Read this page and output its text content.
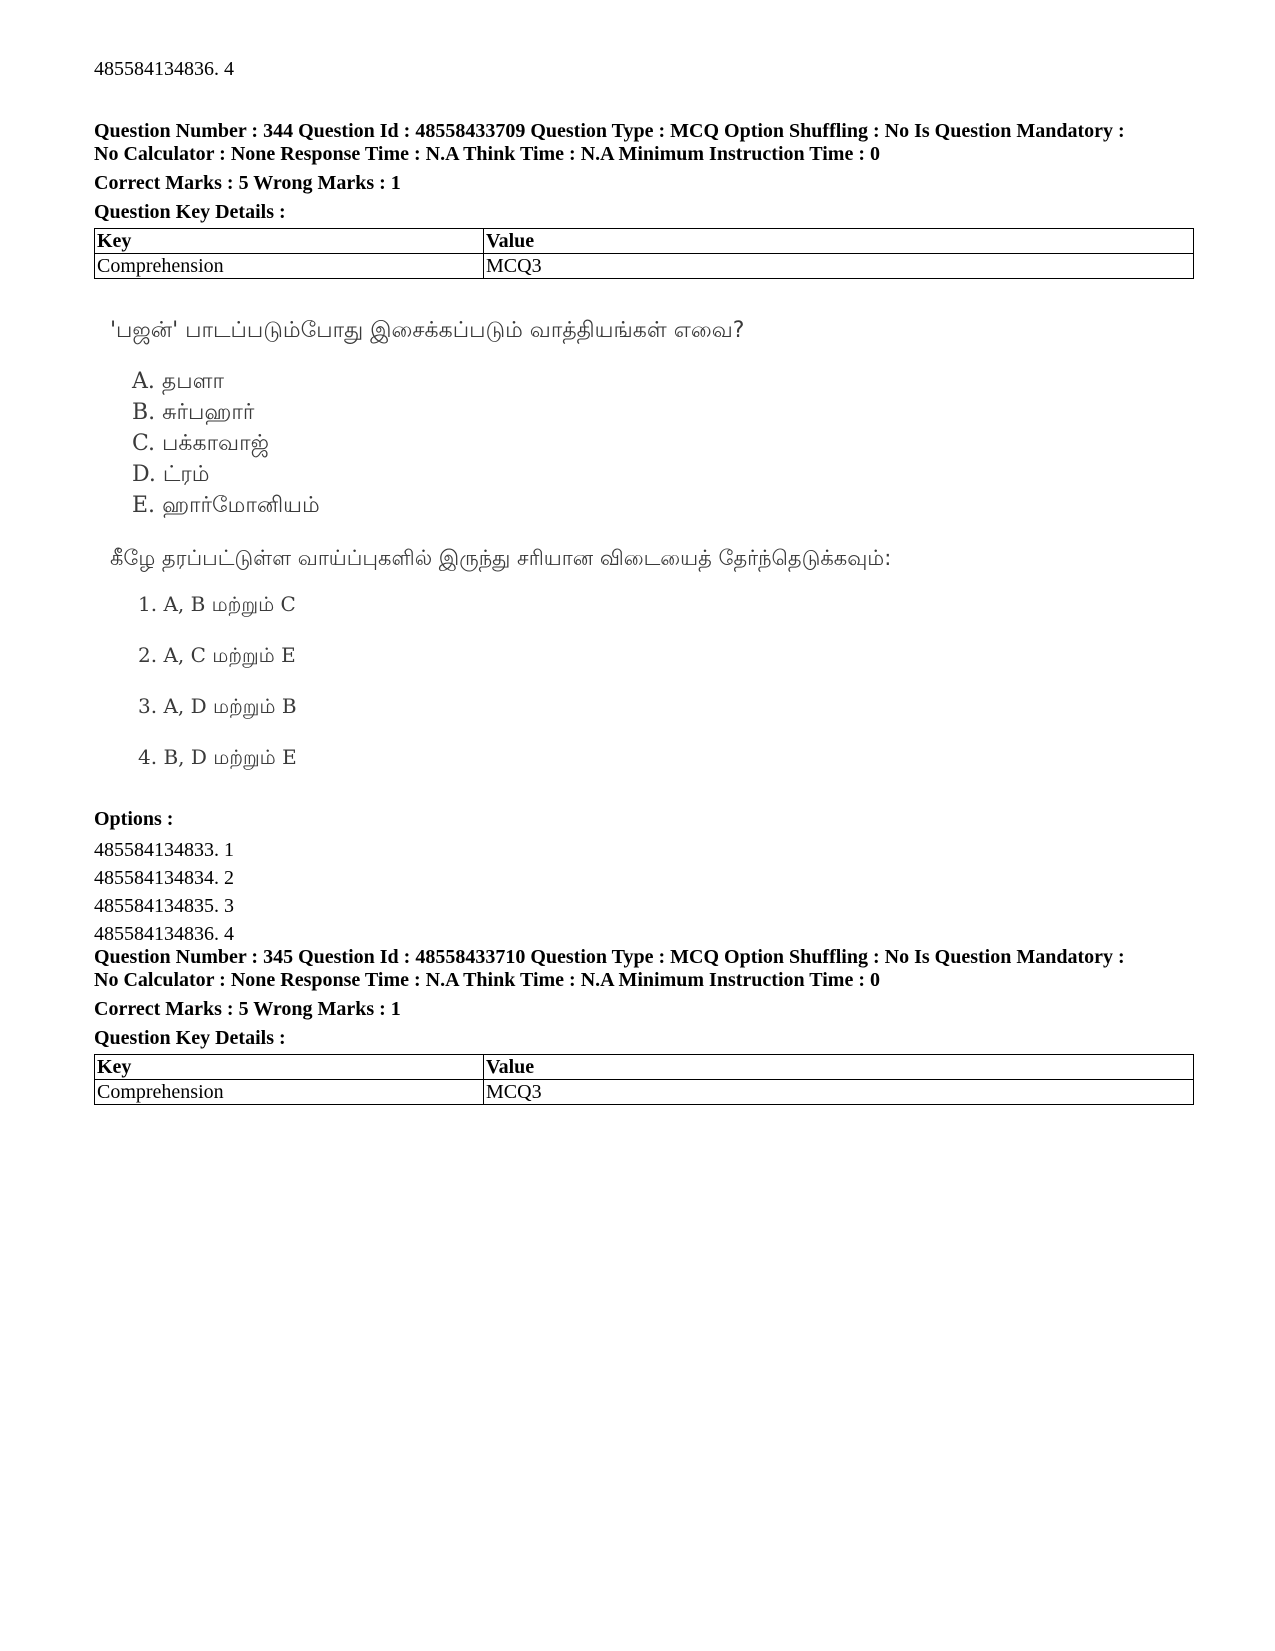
485584134836. 4
Question Number : 344 Question Id : 48558433709 Question Type : MCQ Option Shuffling : No Is Question Mandatory :
No Calculator : None Response Time : N.A Think Time : N.A Minimum Instruction Time : 0
Correct Marks : 5 Wrong Marks : 1
Question Key Details :
Key	Value
Comprehension	MCQ3
'பஜன்' பாடப்படும்போது இசைக்கப்படும் வாத்தியங்கள் எவை?
A. தபளா
B. சுர்பஹார்
C. பக்காவாஜ்
D. ட்ரம்
E. ஹார்மோனியம்
கீழே தரப்பட்டுள்ள வாய்ப்புகளில் இருந்து சரியான விடையைத் தேர்ந்தெடுக்கவும்:
1. A, B மற்றும் C
2. A, C மற்றும் E
3. A, D மற்றும் B
4. B, D மற்றும் E
Options :
485584134833. 1
485584134834. 2
485584134835. 3
485584134836. 4
Question Number : 345 Question Id : 48558433710 Question Type : MCQ Option Shuffling : No Is Question Mandatory :
No Calculator : None Response Time : N.A Think Time : N.A Minimum Instruction Time : 0
Correct Marks : 5 Wrong Marks : 1
Question Key Details :
Key	Value
Comprehension	MCQ3
